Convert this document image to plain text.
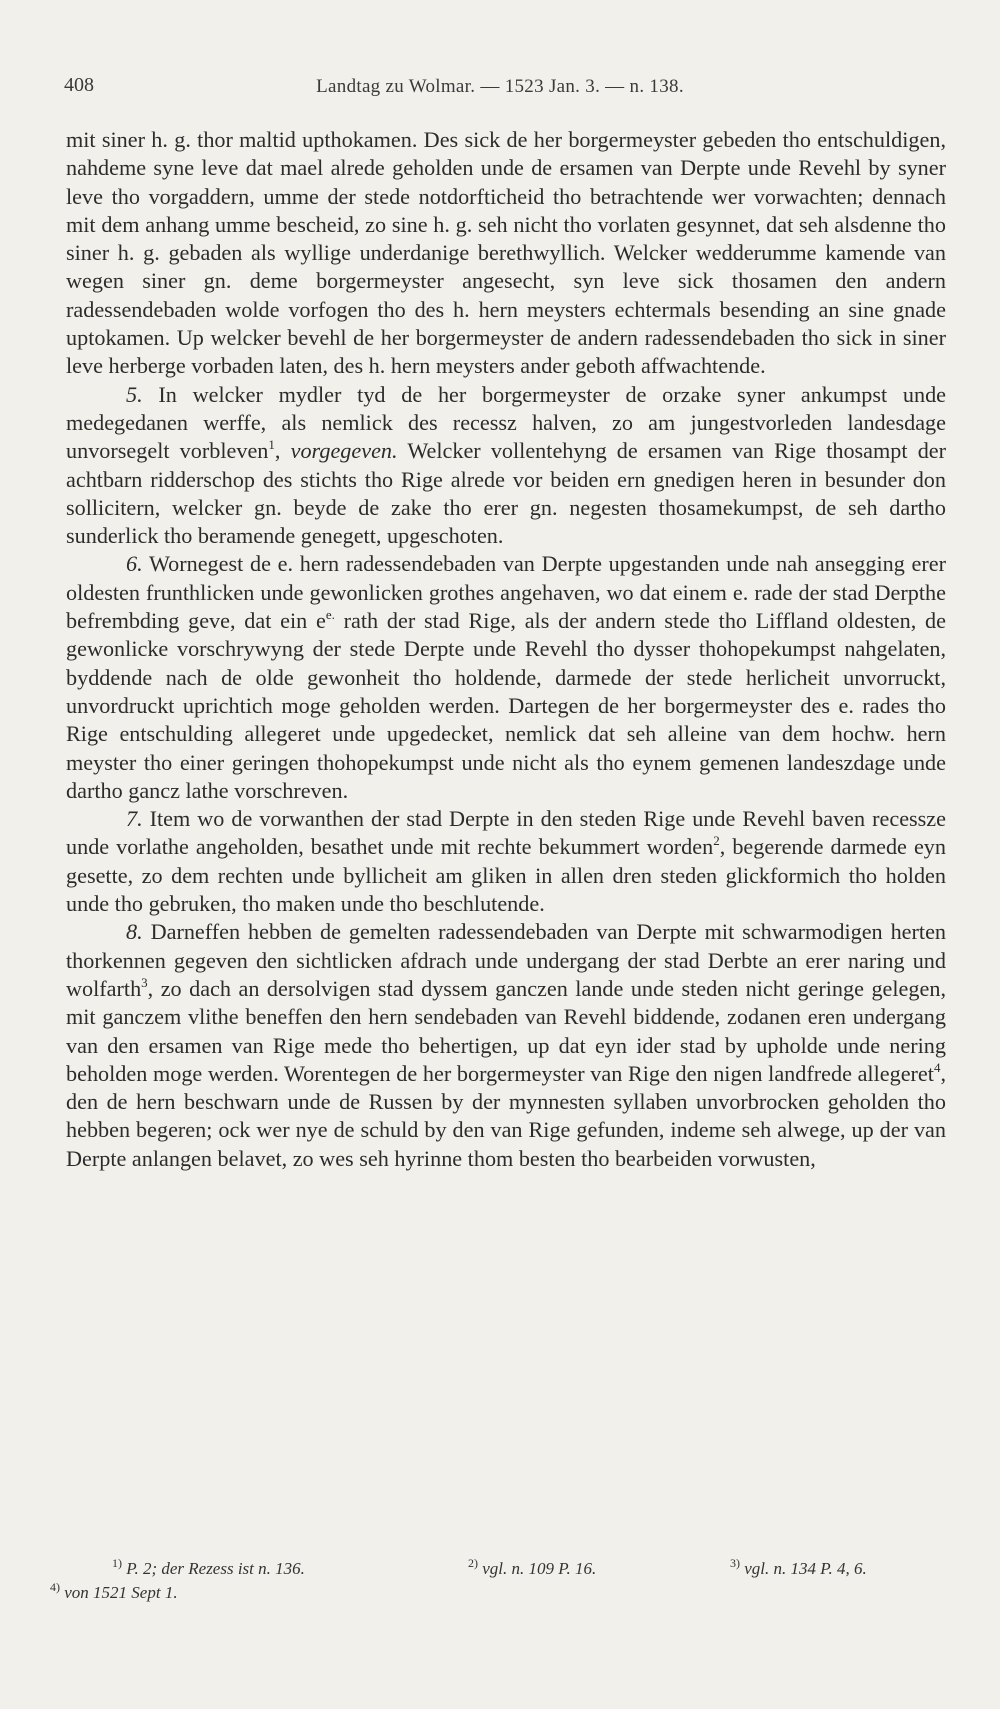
408	Landtag zu Wolmar. — 1523 Jan. 3. — n. 138.

mit siner h. g. thor maltid upthokamen. Des sick de her borgermeyster gebeden tho entschuldigen, nahdeme syne leve dat mael alrede geholden unde de ersamen van Derpte unde Revehl by syner leve tho vorgaddern, umme der stede notdorfticheid tho betrachtende wer vorwachten; dennach mit dem anhang umme bescheid, zo sine h. g. seh nicht tho vorlaten gesynnet, dat seh alsdenne tho siner h. g. gebaden als wyllige underdanige berethwyllich. Welcker wedderumme kamende van wegen siner gn. deme borgermeyster angesecht, syn leve sick thosamen den andern radessendebaden wolde vorfogen tho des h. hern meysters echtermals besending an sine gnade uptokamen. Up welcker bevehl de her borgermeyster de andern radessendebaden tho sick in siner leve herberge vorbaden laten, des h. hern meysters ander geboth affwachtende.

5. In welcker mydler tyd de her borgermeyster de orzake syner ankumpst unde medegedanen werffe, als nemlick des recessz halven, zo am jungestvorleden landesdage unvorsegelt vorbleven$^1$, vorgegeven. Welcker vollentehyng de ersamen van Rige thosampt der achtbarn ridderschop des stichts tho Rige alrede vor beiden ern gnedigen heren in besunder don sollicitern, welcker gn. beyde de zake tho erer gn. negesten thosamekumpst, de seh dartho sunderlick tho beramende genegett, upgeschoten.

6. Wornegest de e. hern radessendebaden van Derpte upgestanden unde nah ansegging erer oldesten frunthlicken unde gewonlicken grothes angehaven, wo dat einem e. rade der stad Derpthe befrembding geve, dat ein $e^{e.}$ rath der stad Rige, als der andern stede tho Liffland oldesten, de gewonlicke vorschrywyng der stede Derpte unde Revehl tho dysser thohopekumpst nahgelaten, byddende nach de olde gewonheit tho holdende, darmede der stede herlicheit unvorruckt, unvordruckt uprichtich moge geholden werden. Dartegen de her borgermeyster des e. rades tho Rige entschulding allegeret unde upgedecket, nemlick dat seh alleine van dem hochw. hern meyster tho einer geringen thohopekumpst unde nicht als tho eynem gemenen landeszdage unde dartho gancz lathe vorschreven.

7. Item wo de vorwanthen der stad Derpte in den steden Rige unde Revehl baven recessze unde vorlathe angeholden, besathet unde mit rechte bekummert worden$^2$, begerende darmede eyn gesette, zo dem rechten unde byllicheit am gliken in allen dren steden glickformich tho holden unde tho gebruken, tho maken unde tho beschlutende.

8. Darneffen hebben de gemelten radessendebaden van Derpte mit schwarmodigen herten thorkennen gegeven den sichtlicken afdrach unde undergang der stad Derbte an erer naring und wolfarth$^3$, zo dach an dersolvigen stad dyssem ganczen lande unde steden nicht geringe gelegen, mit ganczem vlithe beneffen den hern sendebaden van Revehl biddende, zodanen eren undergang van den ersamen van Rige mede tho behertigen, up dat eyn ider stad by upholde unde nering beholden moge werden. Worentegen de her borgermeyster van Rige den nigen landfrede allegeret$^4$, den de hern beschwarn unde de Russen by der mynnesten syllaben unvorbrocken geholden tho hebben begeren; ock wer nye de schuld by den van Rige gefunden, indeme seh alwege, up der van Derpte anlangen belavet, zo wes seh hyrinne thom besten tho bearbeiden vorwusten,

$^{1)}$ P. 2; der Rezess ist n. 136.	$^{2)}$ vgl. n. 109 P. 16.	$^{3)}$ vgl. n. 134 P. 4, 6.
$^{4)}$ von 1521 Sept 1.
